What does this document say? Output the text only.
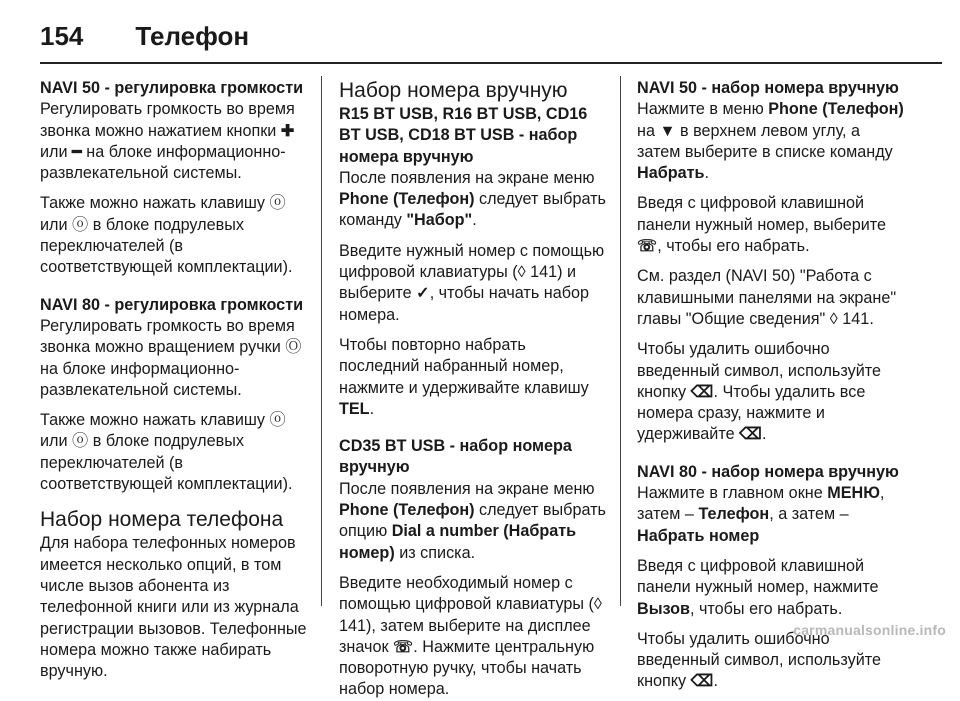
154 Телефон

NAVI 50 - регулировка громкости

Регулировать громкость во время звонка можно нажатием кнопки ✚ или ━ на блоке информационно-развлекательной системы.

Также можно нажать клавишу ⓞ или ⓞ в блоке подрулевых переключателей (в соответствующей комплектации).

NAVI 80 - регулировка громкости

Регулировать громкость во время звонка можно вращением ручки Ⓞ на блоке информационно-развлекательной системы.

Также можно нажать клавишу ⓞ или ⓞ в блоке подрулевых переключателей (в соответствующей комплектации).

Набор номера телефона

Для набора телефонных номеров имеется несколько опций, в том числе вызов абонента из телефонной книги или из журнала регистрации вызовов. Телефонные номера можно также набирать вручную.

Набор номера вручную

R15 BT USB, R16 BT USB, CD16 BT USB, CD18 BT USB - набор номера вручную

После появления на экране меню Phone (Телефон) следует выбрать команду "Набор".

Введите нужный номер с помощью цифровой клавиатуры (◊ 141) и выберите ✓, чтобы начать набор номера.

Чтобы повторно набрать последний набранный номер, нажмите и удерживайте клавишу TEL.

CD35 BT USB - набор номера вручную

После появления на экране меню Phone (Телефон) следует выбрать опцию Dial a number (Набрать номер) из списка.

Введите необходимый номер с помощью цифровой клавиатуры (◊ 141), затем выберите на дисплее значок ☏. Нажмите центральную поворотную ручку, чтобы начать набор номера.

NAVI 50 - набор номера вручную

Нажмите в меню Phone (Телефон) на ▼ в верхнем левом углу, а затем выберите в списке команду Набрать.

Введя с цифровой клавишной панели нужный номер, выберите ☏, чтобы его набрать.

См. раздел (NAVI 50) "Работа с клавишными панелями на экране" главы "Общие сведения" ◊ 141.

Чтобы удалить ошибочно введенный символ, используйте кнопку ⌫. Чтобы удалить все номера сразу, нажмите и удерживайте ⌫.

NAVI 80 - набор номера вручную

Нажмите в главном окне МЕНЮ, затем – Телефон, а затем – Набрать номер

Введя с цифровой клавишной панели нужный номер, нажмите Вызов, чтобы его набрать.

Чтобы удалить ошибочно введенный символ, используйте кнопку ⌫.

carmanualsonline.info
